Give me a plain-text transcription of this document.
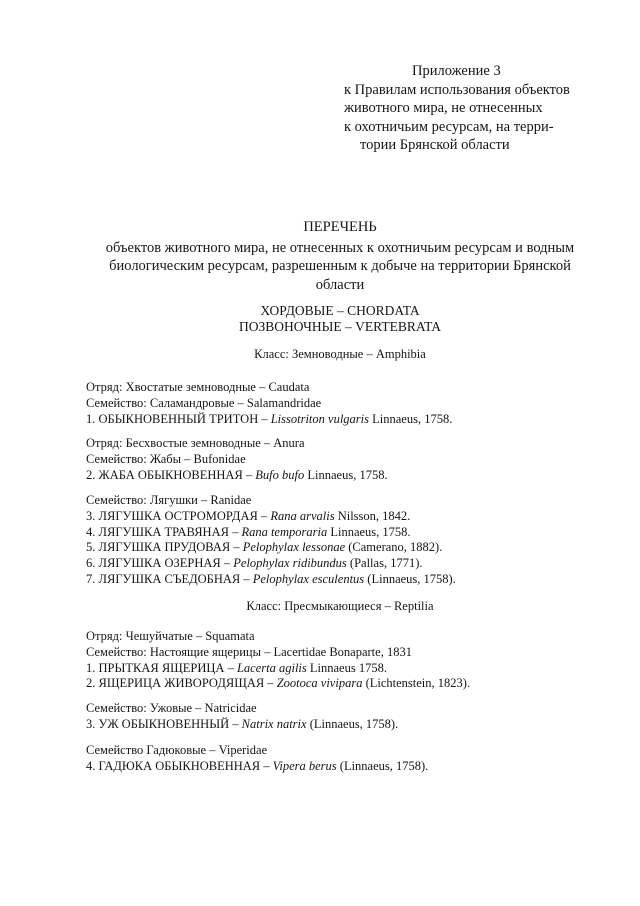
Приложение 3
к Правилам использования объектов
животного мира, не отнесенных
к охотничьим ресурсам, на терри-
тории Брянской области
ПЕРЕЧЕНЬ
объектов животного мира, не отнесенных к охотничьим ресурсам и водным
биологическим ресурсам, разрешенным к добыче на территории Брянской
области
ХОРДОВЫЕ – CHORDATA
ПОЗВОНОЧНЫЕ – VERTEBRATA
Класс: Земноводные – Amphibia
Отряд: Хвостатые земноводные – Caudata
Семейство: Саламандровые – Salamandridae
1. ОБЫКНОВЕННЫЙ ТРИТОН – Lissotriton vulgaris Linnaeus, 1758.
Отряд: Бесхвостые земноводные – Anura
Семейство: Жабы – Bufonidae
2. ЖАБА ОБЫКНОВЕННАЯ – Bufo bufo Linnaeus, 1758.
Семейство: Лягушки – Ranidae
3. ЛЯГУШКА ОСТРОМОРДАЯ – Rana arvalis Nilsson, 1842.
4. ЛЯГУШКА ТРАВЯНАЯ – Rana temporaria Linnaeus, 1758.
5. ЛЯГУШКА ПРУДОВАЯ – Pelophylax lessonae (Camerano, 1882).
6. ЛЯГУШКА ОЗЕРНАЯ – Pelophylax ridibundus (Pallas, 1771).
7. ЛЯГУШКА СЪЕДОБНАЯ – Pelophylax esculentus (Linnaeus, 1758).
Класс: Пресмыкающиеся – Reptilia
Отряд: Чешуйчатые – Squamata
Семейство: Настоящие ящерицы – Lacertidae Bonaparte, 1831
1. ПРЫТКАЯ ЯЩЕРИЦА – Lacerta agilis Linnaeus 1758.
2. ЯЩЕРИЦА ЖИВОРОДЯЩАЯ – Zootoca vivipara (Lichtenstein, 1823).
Семейство: Ужовые – Natricidae
3. УЖ ОБЫКНОВЕННЫЙ – Natrix natrix (Linnaeus, 1758).
Семейство Гадюковые – Viperidae
4. ГАДЮКА ОБЫКНОВЕННАЯ – Vipera berus (Linnaeus, 1758).
